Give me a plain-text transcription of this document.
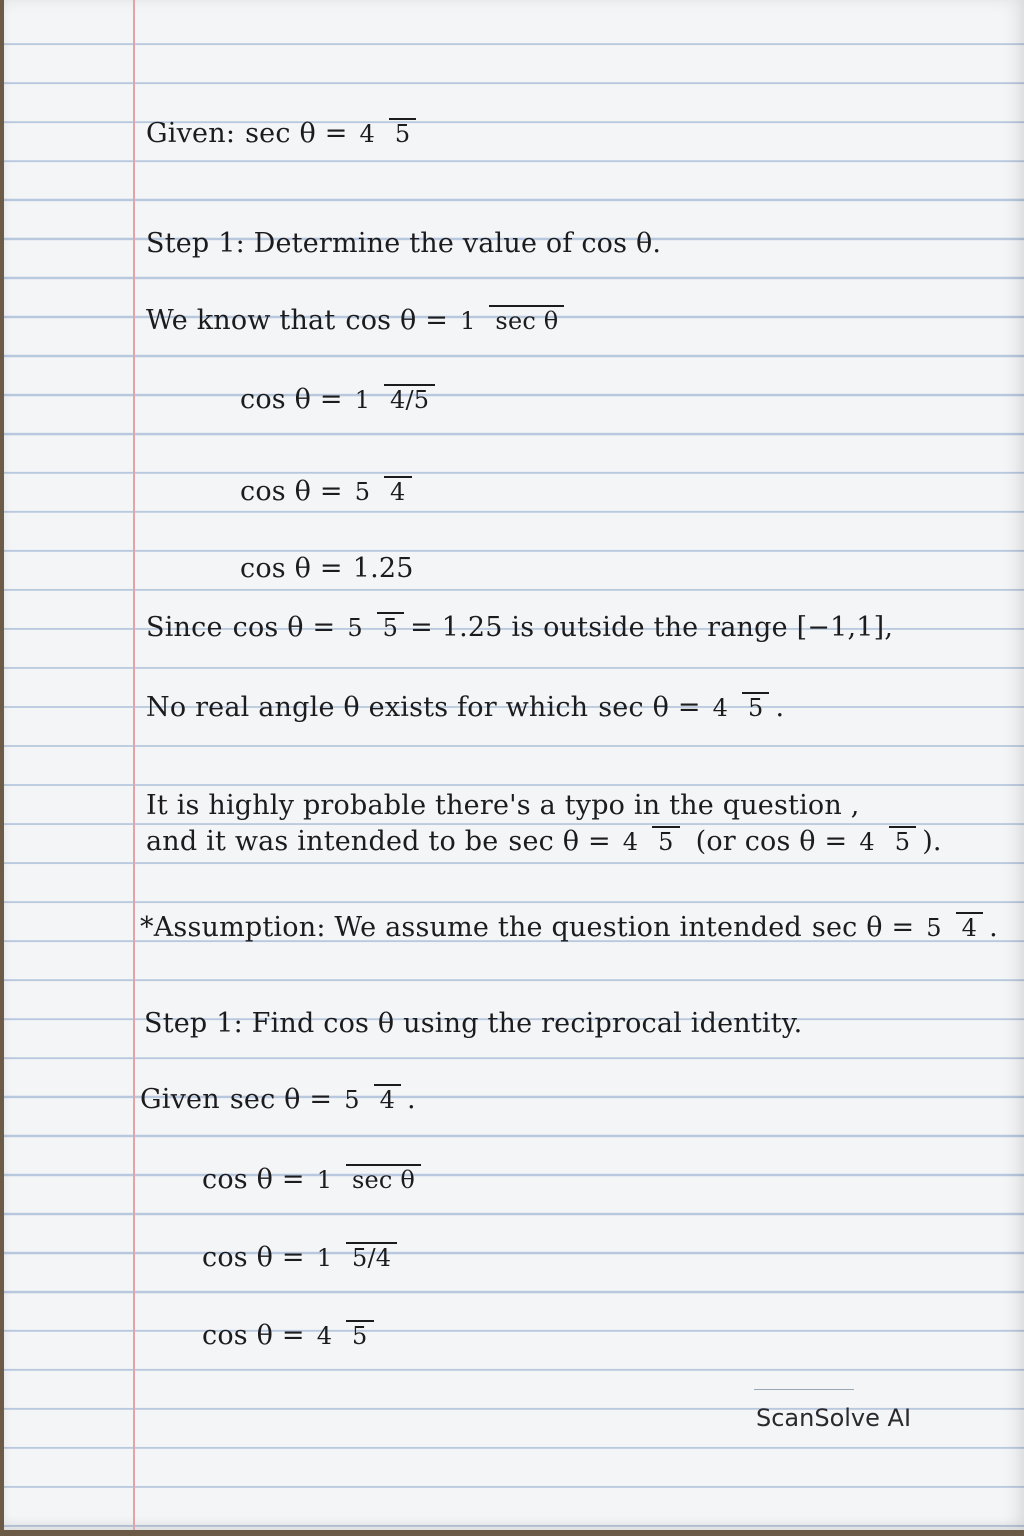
Given: sec θ = 4 5
Step 1: Determine the value of cos θ.
We know that cos θ = 1 sec θ
cos θ = 1 4/5
cos θ = 5 4
cos θ = 1.25
Since cos θ = 5 5 = 1.25 is outside the range [−1,1],
No real angle θ exists for which sec θ = 4 5 .
It is highly probable there's a typo in the question ,
and it was intended to be sec θ = 4 5 (or cos θ = 4 5 ).
*Assumption: We assume the question intended sec θ = 5 4 .
Step 1: Find cos θ using the reciprocal identity.
Given sec θ = 5 4 .
cos θ = 1 sec θ
cos θ = 1 5/4
cos θ = 4 5
ScanSolve AI
